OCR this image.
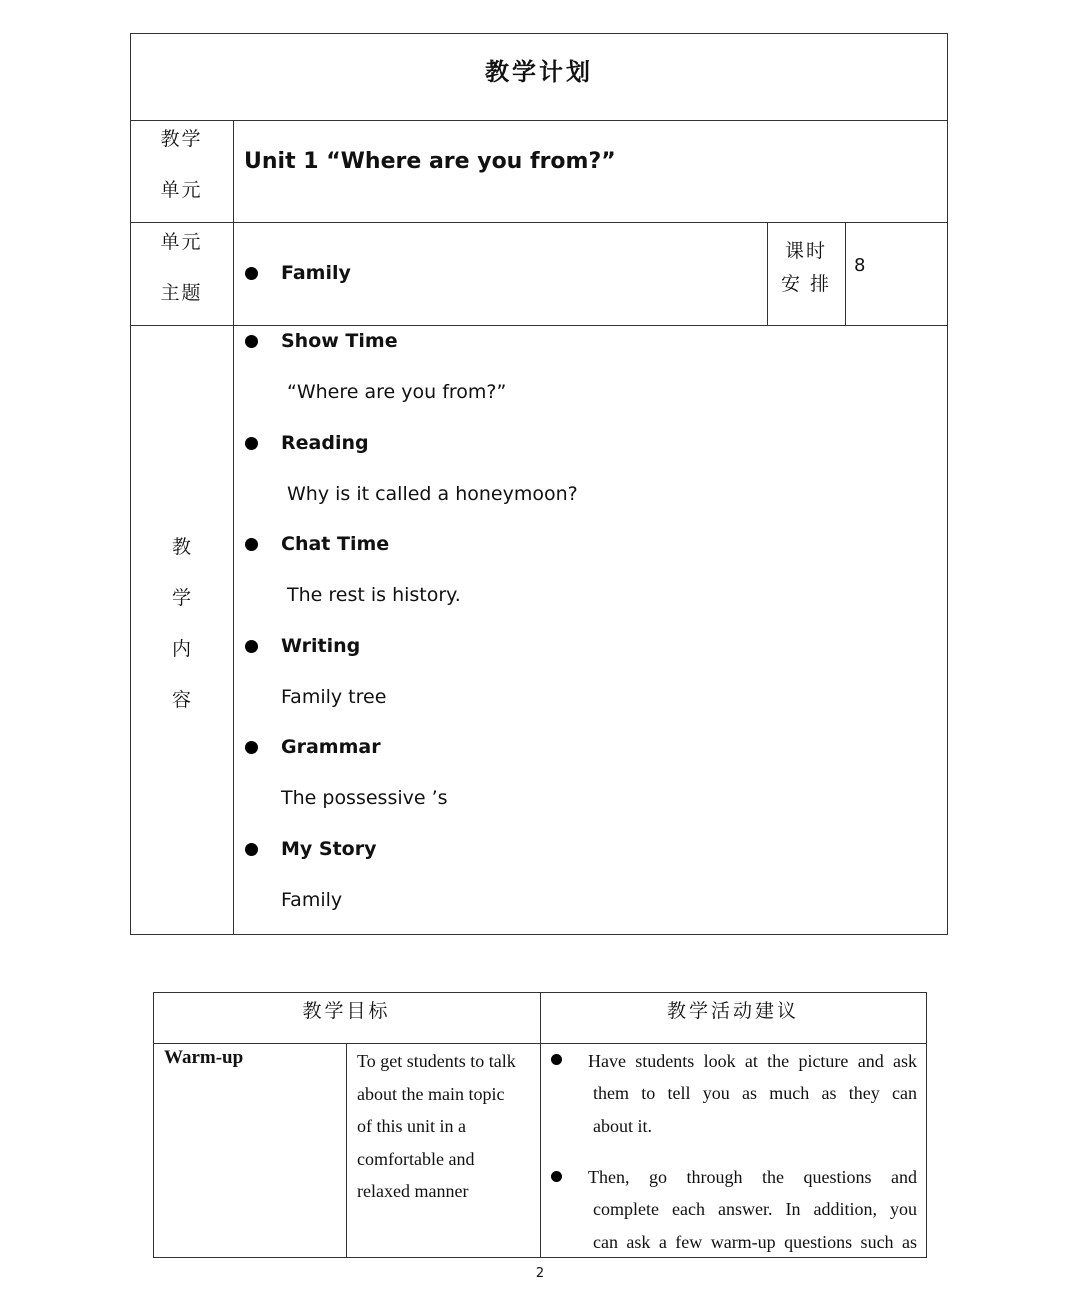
教学计划
教学
单元
Unit 1 “Where are you from?”
单元
主题
Family
课时
安 排
8
教
学
内
容
Show Time
“Where are you from?”
Reading
Why is it called a honeymoon?
Chat Time
The rest is history.
Writing
Family tree
Grammar
The possessive ’s
My Story
Family
教学目标	教学活动建议
Warm-up	To get students to talk
about the main topic
of this unit in a
comfortable and
relaxed manner
Have students look at the picture and ask
them to tell you as much as they can
about it.
Then, go through the questions and
complete each answer. In addition, you
can ask a few warm-up questions such as
2
